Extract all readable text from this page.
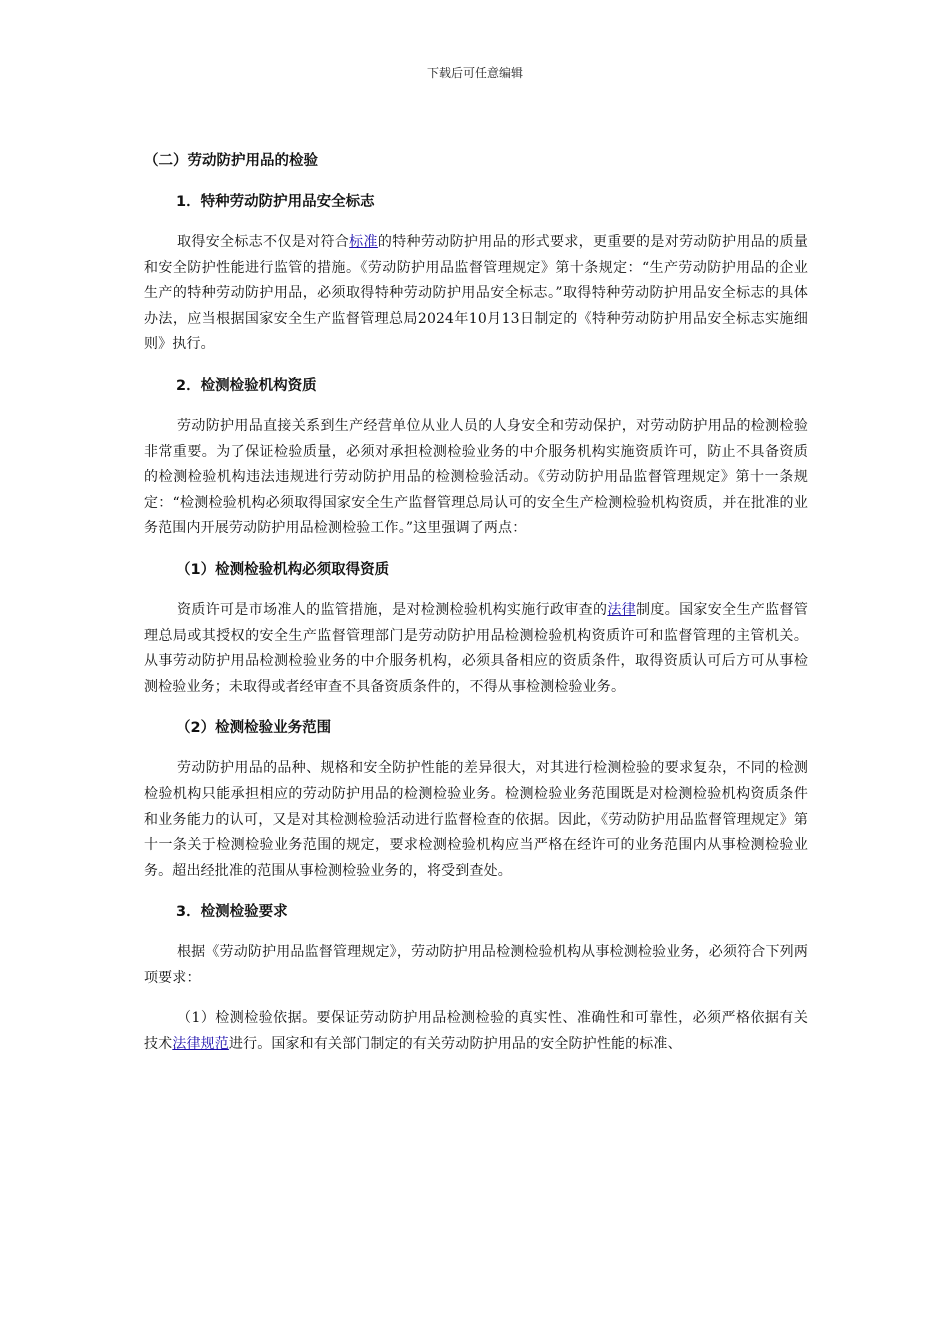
下载后可任意编辑

（二）劳动防护用品的检验

1．特种劳动防护用品安全标志

取得安全标志不仅是对符合标准的特种劳动防护用品的形式要求，更重要的是对劳动防护用品的质量和安全防护性能进行监管的措施。《劳动防护用品监督管理规定》第十条规定：“生产劳动防护用品的企业生产的特种劳动防护用品，必须取得特种劳动防护用品安全标志。”取得特种劳动防护用品安全标志的具体办法，应当根据国家安全生产监督管理总局2024年10月13日制定的《特种劳动防护用品安全标志实施细则》执行。

2．检测检验机构资质

劳动防护用品直接关系到生产经营单位从业人员的人身安全和劳动保护，对劳动防护用品的检测检验非常重要。为了保证检验质量，必须对承担检测检验业务的中介服务机构实施资质许可，防止不具备资质的检测检验机构违法违规进行劳动防护用品的检测检验活动。《劳动防护用品监督管理规定》第十一条规定：“检测检验机构必须取得国家安全生产监督管理总局认可的安全生产检测检验机构资质，并在批准的业务范围内开展劳动防护用品检测检验工作。”这里强调了两点：

（1）检测检验机构必须取得资质

资质许可是市场准人的监管措施，是对检测检验机构实施行政审查的法律制度。国家安全生产监督管理总局或其授权的安全生产监督管理部门是劳动防护用品检测检验机构资质许可和监督管理的主管机关。从事劳动防护用品检测检验业务的中介服务机构，必须具备相应的资质条件，取得资质认可后方可从事检测检验业务；未取得或者经审查不具备资质条件的，不得从事检测检验业务。

（2）检测检验业务范围

劳动防护用品的品种、规格和安全防护性能的差异很大，对其进行检测检验的要求复杂，不同的检测检验机构只能承担相应的劳动防护用品的检测检验业务。检测检验业务范围既是对检测检验机构资质条件和业务能力的认可，又是对其检测检验活动进行监督检查的依据。因此，《劳动防护用品监督管理规定》第十一条关于检测检验业务范围的规定，要求检测检验机构应当严格在经许可的业务范围内从事检测检验业务。超出经批准的范围从事检测检验业务的，将受到查处。

3．检测检验要求

根据《劳动防护用品监督管理规定》，劳动防护用品检测检验机构从事检测检验业务，必须符合下列两项要求：

（1）检测检验依据。要保证劳动防护用品检测检验的真实性、准确性和可靠性，必须严格依据有关技术法律规范进行。国家和有关部门制定的有关劳动防护用品的安全防护性能的标准、
